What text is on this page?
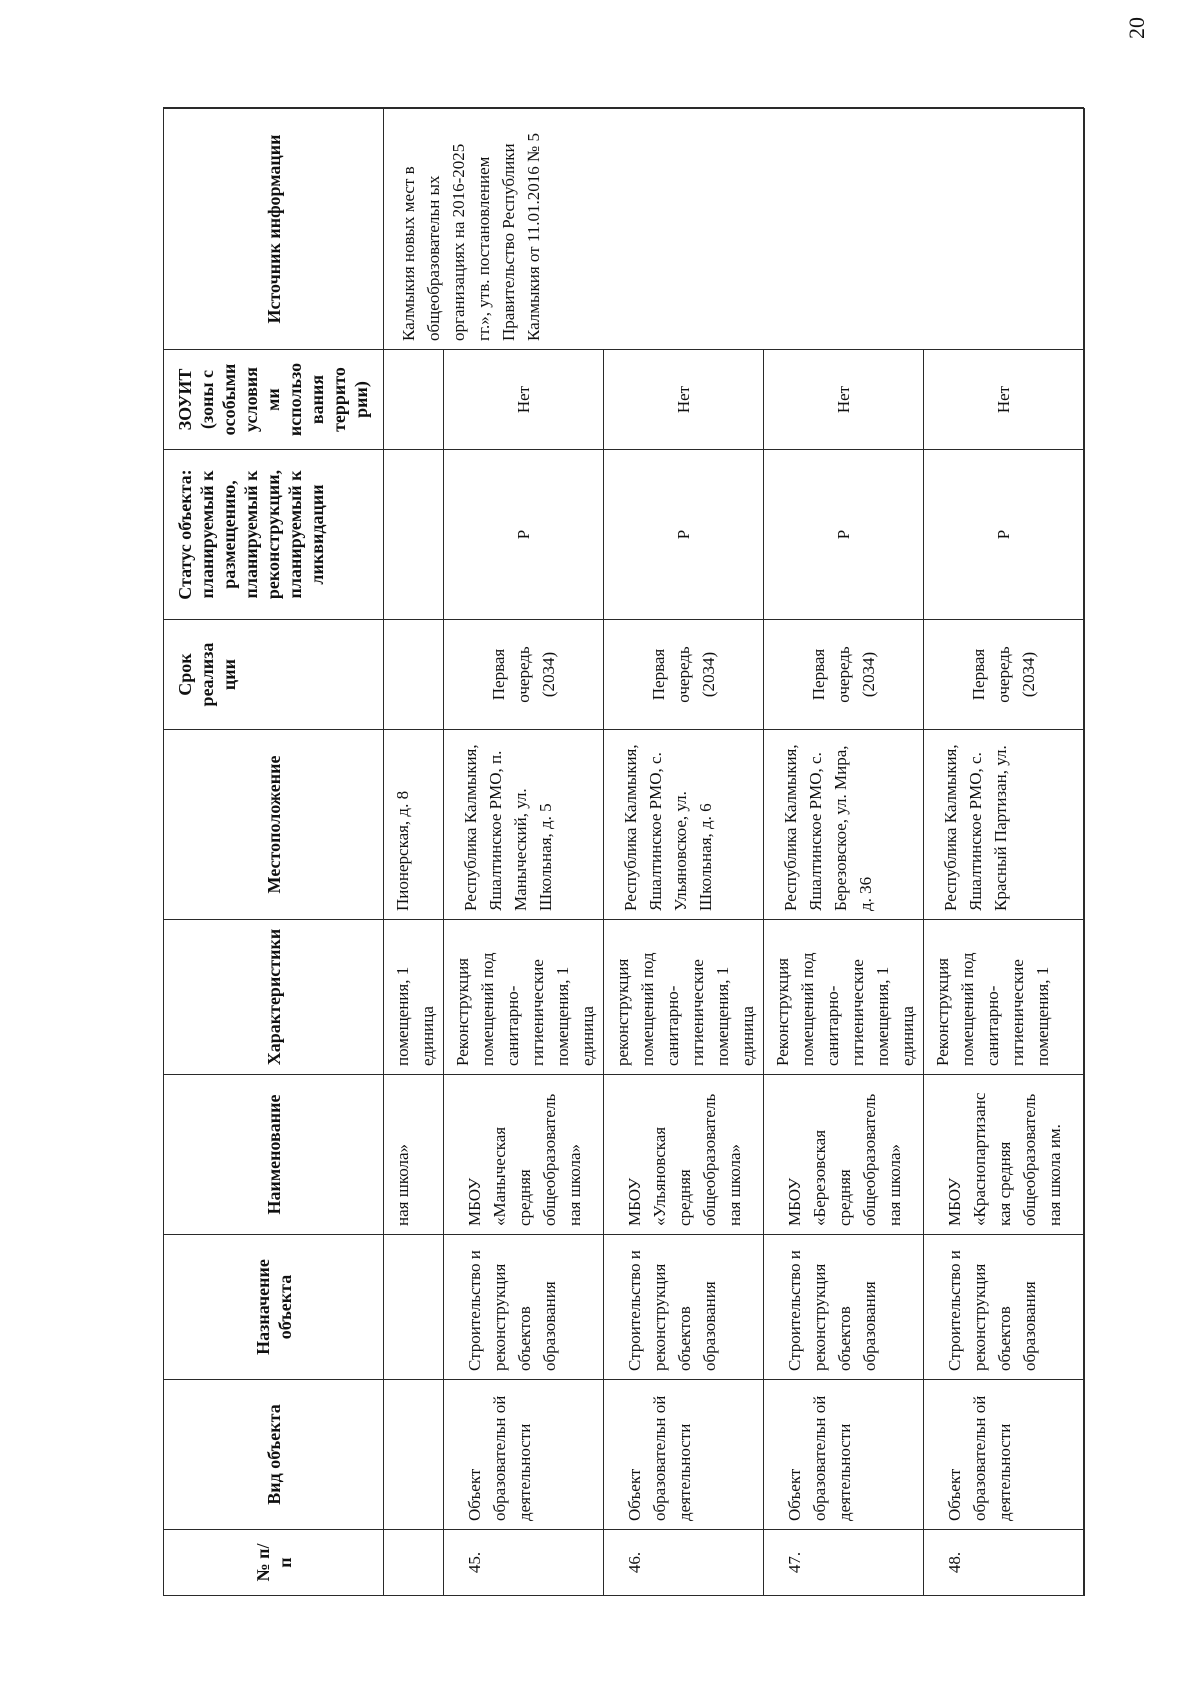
№ п/ п
Вид объекта
Назначение объекта
Наименование
Характеристики
Местоположение
Срок реализа ции
Статус объекта: планируемый к размещению, планируемый к реконструкции, планируемый к ликвидации
ЗОУИТ (зоны с особыми условия ми использо вания террито рии)
Источник информации
ная школа»
помещения, 1 единица
Пионерская, д. 8
Калмыкия новых мест в общеобразовательн ых организациях на 2016-2025 гг.», утв. постановлением Правительство Республики Калмыкия от 11.01.2016 № 5
45.
Объект образовательн ой деятельности
Строительство и реконструкция объектов образования
МБОУ «Маныческая средняя общеобразователь ная школа»
Реконструкция помещений под санитарно-гигиенические помещения, 1 единица
Республика Калмыкия, Яшалтинское РМО, п. Маныческий, ул. Школьная, д. 5
Первая очередь (2034)
Р
Нет
46.
Объект образовательн ой деятельности
Строительство и реконструкция объектов образования
МБОУ «Ульяновская средняя общеобразователь ная школа»
реконструкция помещений под санитарно-гигиенические помещения, 1 единица
Республика Калмыкия, Яшалтинское РМО, с. Ульяновское, ул. Школьная, д. 6
Первая очередь (2034)
Р
Нет
47.
Объект образовательн ой деятельности
Строительство и реконструкция объектов образования
МБОУ «Березовская средняя общеобразователь ная школа»
Реконструкция помещений под санитарно-гигиенические помещения, 1 единица
Республика Калмыкия, Яшалтинское РМО, с. Березовское, ул. Мира, д. 36
Первая очередь (2034)
Р
Нет
48.
Объект образовательн ой деятельности
Строительство и реконструкция объектов образования
МБОУ «Краснопартизанс кая средняя общеобразователь ная школа им.
Реконструкция помещений под санитарно-гигиенические помещения, 1
Республика Калмыкия, Яшалтинское РМО, с. Красный Партизан, ул.
Первая очередь (2034)
Р
Нет
20
